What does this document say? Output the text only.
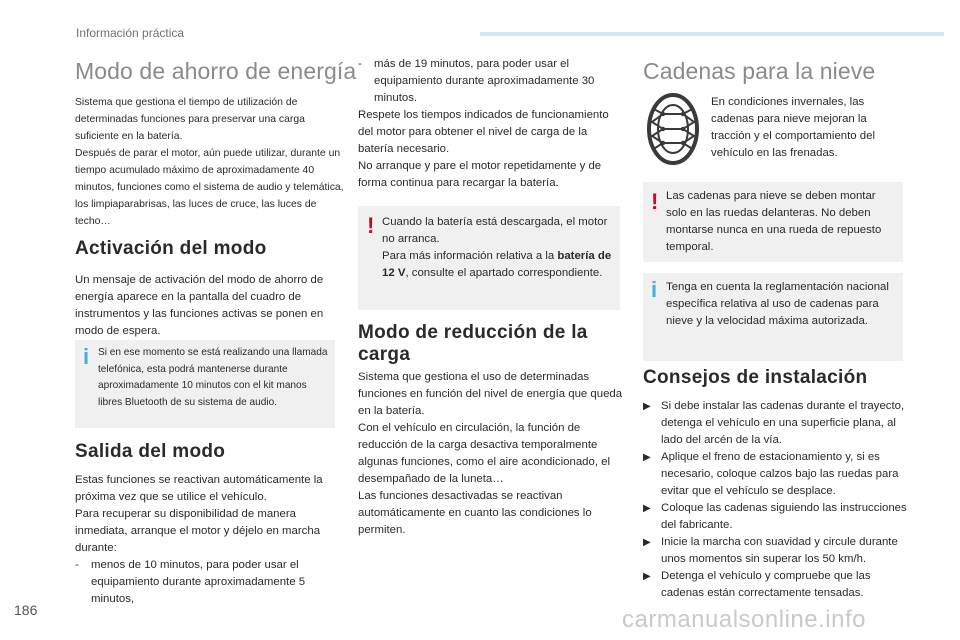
Información práctica
Modo de ahorro de energía
Sistema que gestiona el tiempo de utilización de determinadas funciones para preservar una carga suficiente en la batería.
Después de parar el motor, aún puede utilizar, durante un tiempo acumulado máximo de aproximadamente 40 minutos, funciones como el sistema de audio y telemática, los limpiaparabrisas, las luces de cruce, las luces de techo…
Activación del modo
Un mensaje de activación del modo de ahorro de energía aparece en la pantalla del cuadro de instrumentos y las funciones activas se ponen en modo de espera.
i Si en ese momento se está realizando una llamada telefónica, esta podrá mantenerse durante aproximadamente 10 minutos con el kit manos libres Bluetooth de su sistema de audio.
Salida del modo
Estas funciones se reactivan automáticamente la próxima vez que se utilice el vehículo.
Para recuperar su disponibilidad de manera inmediata, arranque el motor y déjelo en marcha durante:
- menos de 10 minutos, para poder usar el equipamiento durante aproximadamente 5 minutos,
- más de 19 minutos, para poder usar el equipamiento durante aproximadamente 30 minutos.
Respete los tiempos indicados de funcionamiento del motor para obtener el nivel de carga de la batería necesario.
No arranque y pare el motor repetidamente y de forma continua para recargar la batería.
! Cuando la batería está descargada, el motor no arranca.
Para más información relativa a la batería de 12 V, consulte el apartado correspondiente.
Modo de reducción de la carga
Sistema que gestiona el uso de determinadas funciones en función del nivel de energía que queda en la batería.
Con el vehículo en circulación, la función de reducción de la carga desactiva temporalmente algunas funciones, como el aire acondicionado, el desempañado de la luneta…
Las funciones desactivadas se reactivan automáticamente en cuanto las condiciones lo permiten.
Cadenas para la nieve
En condiciones invernales, las cadenas para nieve mejoran la tracción y el comportamiento del vehículo en las frenadas.
! Las cadenas para nieve se deben montar solo en las ruedas delanteras. No deben montarse nunca en una rueda de repuesto temporal.
i Tenga en cuenta la reglamentación nacional específica relativa al uso de cadenas para nieve y la velocidad máxima autorizada.
Consejos de instalación
▶ Si debe instalar las cadenas durante el trayecto, detenga el vehículo en una superficie plana, al lado del arcén de la vía.
▶ Aplique el freno de estacionamiento y, si es necesario, coloque calzos bajo las ruedas para evitar que el vehículo se desplace.
▶ Coloque las cadenas siguiendo las instrucciones del fabricante.
▶ Inicie la marcha con suavidad y circule durante unos momentos sin superar los 50 km/h.
▶ Detenga el vehículo y compruebe que las cadenas están correctamente tensadas.
186	carmanualsonline.info
